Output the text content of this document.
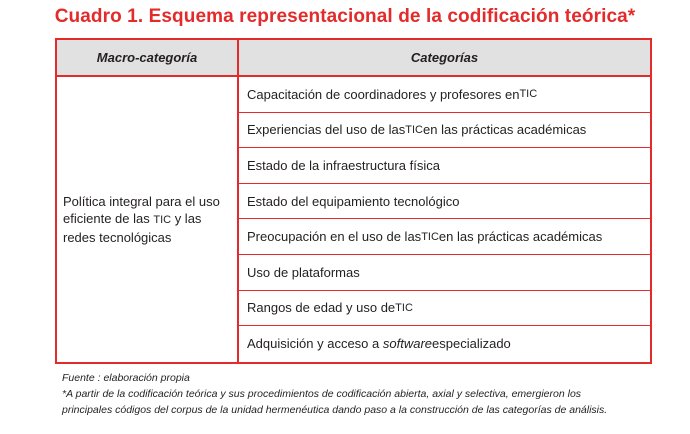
Cuadro 1. Esquema representacional de la codificación teórica*
Macro-categoría	Categorías
Política integral para el uso
eficiente de las TIC y las
redes tecnológicas
Capacitación de coordinadores y profesores en TIC
Experiencias del uso de las TIC en las prácticas académicas
Estado de la infraestructura física
Estado del equipamiento tecnológico
Preocupación en el uso de las TIC en las prácticas académicas
Uso de plataformas
Rangos de edad y uso de TIC
Adquisición y acceso a
software especializado
Fuente : elaboración propia
*A partir de la codificación teórica y sus procedimientos de codificación abierta, axial y selectiva, emergieron los
principales códigos del corpus de la unidad hermenéutica dando paso a la construcción de las categorías de análisis.
